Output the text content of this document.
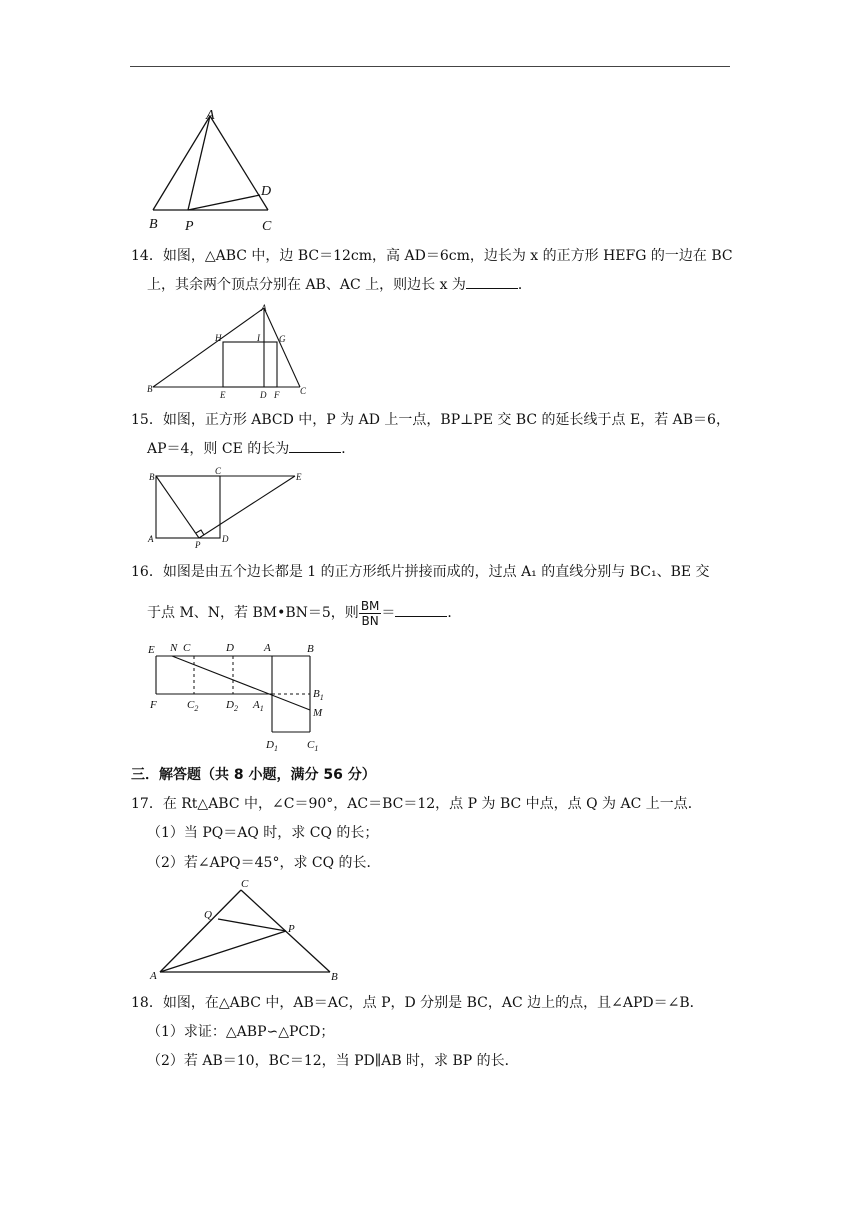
A
B P	C
D
14．如图，△ABC 中，边 BC＝12cm，高 AD＝6cm，边长为 x 的正方形 HEFG 的一边在 BC
上，其余两个顶点分别在 AB、AC 上，则边长 x 为	．
A
H	I G
B
E	D F C
15．如图，正方形 ABCD 中，P 为 AD 上一点，BP⊥PE 交 BC 的延长线于点 E，若 AB＝6，
AP＝4，则 CE 的长为	．
B
C
E
A
P
D
16．如图是由五个边长都是 1 的正方形纸片拼接而成的，过点 A₁ 的直线分别与 BC₁、BE 交
于点 M、N，若 BM•BN＝5，则 $\frac{BM}{BN}$ ＝	．
E N C	D	A	B
F	$C_2$	$D_2$ $A_1$
$B_1$
M
$D_1$	$C_1$
三．解答题（共 8 小题，满分 56 分）
17．在 Rt△ABC 中，∠C＝90°，AC＝BC＝12，点 P 为 BC 中点，点 Q 为 AC 上一点．
（1）当 PQ＝AQ 时，求 CQ 的长；
（2）若∠APQ＝45°，求 CQ 的长．
C
Q
P
A	B
18．如图，在△ABC 中，AB＝AC，点 P，D 分别是 BC，AC 边上的点，且∠APD＝∠B．
（1）求证：△ABP∽△PCD；
（2）若 AB＝10，BC＝12，当 PD∥AB 时，求 BP 的长．
